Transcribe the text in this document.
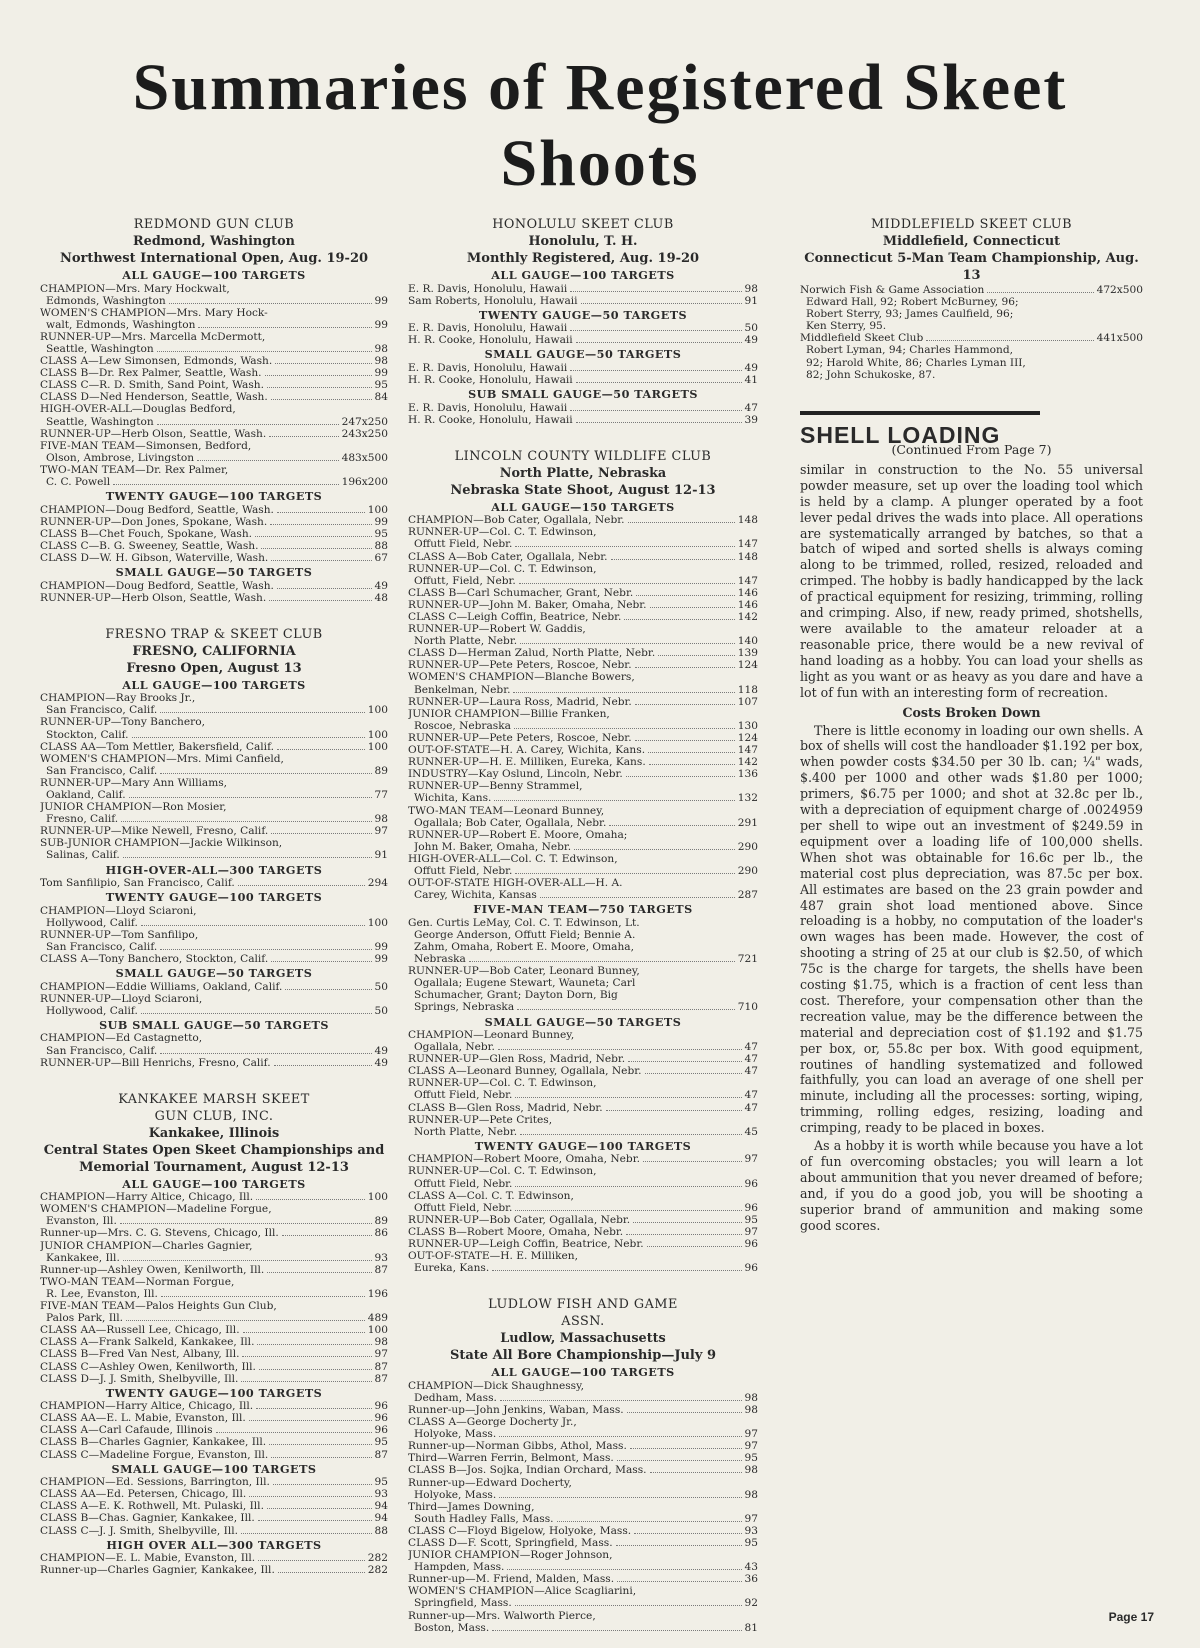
Summaries of Registered Skeet Shoots
REDMOND GUN CLUB
Redmond, Washington
Northwest International Open, Aug. 19-20
ALL GAUGE—100 TARGETS
CHAMPION—Mrs. Mary Hockwalt,
Edmonds, Washington	99
WOMEN'S CHAMPION—Mrs. Mary Hock-
walt, Edmonds, Washington	99
RUNNER-UP—Mrs. Marcella McDermott,
Seattle, Washington	98
CLASS A—Lew Simonsen, Edmonds, Wash.	98
CLASS B—Dr. Rex Palmer, Seattle, Wash.	99
CLASS C—R. D. Smith, Sand Point, Wash.	95
CLASS D—Ned Henderson, Seattle, Wash.	84
HIGH-OVER-ALL—Douglas Bedford,
Seattle, Washington	247x250
RUNNER-UP—Herb Olson, Seattle, Wash.	243x250
FIVE-MAN TEAM—Simonsen, Bedford,
Olson, Ambrose, Livingston	483x500
TWO-MAN TEAM—Dr. Rex Palmer,
C. C. Powell	196x200
TWENTY GAUGE—100 TARGETS
CHAMPION—Doug Bedford, Seattle, Wash.	100
RUNNER-UP—Don Jones, Spokane, Wash.	99
CLASS B—Chet Fouch, Spokane, Wash.	95
CLASS C—B. G. Sweeney, Seattle, Wash.	88
CLASS D—W. H. Gibson, Waterville, Wash.	67
SMALL GAUGE—50 TARGETS
CHAMPION—Doug Bedford, Seattle, Wash.	49
RUNNER-UP—Herb Olson, Seattle, Wash.	48
FRESNO TRAP & SKEET CLUB
FRESNO, CALIFORNIA
Fresno Open, August 13
ALL GAUGE—100 TARGETS
CHAMPION—Ray Brooks Jr.,
San Francisco, Calif.	100
RUNNER-UP—Tony Banchero,
Stockton, Calif.	100
CLASS AA—Tom Mettler, Bakersfield, Calif.	100
WOMEN'S CHAMPION—Mrs. Mimi Canfield,
San Francisco, Calif.	89
RUNNER-UP—Mary Ann Williams,
Oakland, Calif.	77
JUNIOR CHAMPION—Ron Mosier,
Fresno, Calif.	98
RUNNER-UP—Mike Newell, Fresno, Calif.	97
SUB-JUNIOR CHAMPION—Jackie Wilkinson,
Salinas, Calif.	91
HIGH-OVER-ALL—300 TARGETS
Tom Sanfilipio, San Francisco, Calif.	294
TWENTY GAUGE—100 TARGETS
CHAMPION—Lloyd Sciaroni,
Hollywood, Calif.	100
RUNNER-UP—Tom Sanfilipo,
San Francisco, Calif.	99
CLASS A—Tony Banchero, Stockton, Calif.	99
SMALL GAUGE—50 TARGETS
CHAMPION—Eddie Williams, Oakland, Calif.	50
RUNNER-UP—Lloyd Sciaroni,
Hollywood, Calif.	50
SUB SMALL GAUGE—50 TARGETS
CHAMPION—Ed Castagnetto,
San Francisco, Calif.	49
RUNNER-UP—Bill Henrichs, Fresno, Calif.	49
KANKAKEE MARSH SKEET
GUN CLUB, INC.
Kankakee, Illinois
Central States Open Skeet Championships and Memorial Tournament, August 12-13
ALL GAUGE—100 TARGETS
CHAMPION—Harry Altice, Chicago, Ill.	100
WOMEN'S CHAMPION—Madeline Forgue,
Evanston, Ill.	89
Runner-up—Mrs. C. G. Stevens, Chicago, Ill.	86
JUNIOR CHAMPION—Charles Gagnier,
Kankakee, Ill.	93
Runner-up—Ashley Owen, Kenilworth, Ill.	87
TWO-MAN TEAM—Norman Forgue,
R. Lee, Evanston, Ill.	196
FIVE-MAN TEAM—Palos Heights Gun Club,
Palos Park, Ill.	489
CLASS AA—Russell Lee, Chicago, Ill.	100
CLASS A—Frank Salkeld, Kankakee, Ill.	98
CLASS B—Fred Van Nest, Albany, Ill.	97
CLASS C—Ashley Owen, Kenilworth, Ill.	87
CLASS D—J. J. Smith, Shelbyville, Ill.	87
TWENTY GAUGE—100 TARGETS
CHAMPION—Harry Altice, Chicago, Ill.	96
CLASS AA—E. L. Mabie, Evanston, Ill.	96
CLASS A—Carl Cafaude, Illinois	96
CLASS B—Charles Gagnier, Kankakee, Ill.	95
CLASS C—Madeline Forgue, Evanston, Ill.	87
SMALL GAUGE—100 TARGETS
CHAMPION—Ed. Sessions, Barrington, Ill.	95
CLASS AA—Ed. Petersen, Chicago, Ill.	93
CLASS A—E. K. Rothwell, Mt. Pulaski, Ill.	94
CLASS B—Chas. Gagnier, Kankakee, Ill.	94
CLASS C—J. J. Smith, Shelbyville, Ill.	88
HIGH OVER ALL—300 TARGETS
CHAMPION—E. L. Mabie, Evanston, Ill.	282
Runner-up—Charles Gagnier, Kankakee, Ill.	282
HONOLULU SKEET CLUB
Honolulu, T. H.
Monthly Registered, Aug. 19-20
ALL GAUGE—100 TARGETS
E. R. Davis, Honolulu, Hawaii	98
Sam Roberts, Honolulu, Hawaii	91
TWENTY GAUGE—50 TARGETS
E. R. Davis, Honolulu, Hawaii	50
H. R. Cooke, Honolulu, Hawaii	49
SMALL GAUGE—50 TARGETS
E. R. Davis, Honolulu, Hawaii	49
H. R. Cooke, Honolulu, Hawaii	41
SUB SMALL GAUGE—50 TARGETS
E. R. Davis, Honolulu, Hawaii	47
H. R. Cooke, Honolulu, Hawaii	39
LINCOLN COUNTY WILDLIFE CLUB
North Platte, Nebraska
Nebraska State Shoot, August 12-13
ALL GAUGE—150 TARGETS
CHAMPION—Bob Cater, Ogallala, Nebr.	148
RUNNER-UP—Col. C. T. Edwinson,
Offutt Field, Nebr.	147
CLASS A—Bob Cater, Ogallala, Nebr.	148
RUNNER-UP—Col. C. T. Edwinson,
Offutt, Field, Nebr.	147
CLASS B—Carl Schumacher, Grant, Nebr.	146
RUNNER-UP—John M. Baker, Omaha, Nebr.	146
CLASS C—Leigh Coffin, Beatrice, Nebr.	142
RUNNER-UP—Robert W. Gaddis,
North Platte, Nebr.	140
CLASS D—Herman Zalud, North Platte, Nebr.	139
RUNNER-UP—Pete Peters, Roscoe, Nebr.	124
WOMEN'S CHAMPION—Blanche Bowers,
Benkelman, Nebr.	118
RUNNER-UP—Laura Ross, Madrid, Nebr.	107
JUNIOR CHAMPION—Billie Franken,
Roscoe, Nebraska	130
RUNNER-UP—Pete Peters, Roscoe, Nebr.	124
OUT-OF-STATE—H. A. Carey, Wichita, Kans.	147
RUNNER-UP—H. E. Milliken, Eureka, Kans.	142
INDUSTRY—Kay Oslund, Lincoln, Nebr.	136
RUNNER-UP—Benny Strammel,
Wichita, Kans.	132
TWO-MAN TEAM—Leonard Bunney,
Ogallala; Bob Cater, Ogallala, Nebr.	291
RUNNER-UP—Robert E. Moore, Omaha;
John M. Baker, Omaha, Nebr.	290
HIGH-OVER-ALL—Col. C. T. Edwinson,
Offutt Field, Nebr.	290
OUT-OF-STATE HIGH-OVER-ALL—H. A.
Carey, Wichita, Kansas	287
FIVE-MAN TEAM—750 TARGETS
Gen. Curtis LeMay, Col. C. T. Edwinson, Lt.
George Anderson, Offutt Field; Bennie A.
Zahm, Omaha, Robert E. Moore, Omaha,
Nebraska	721
RUNNER-UP—Bob Cater, Leonard Bunney,
Ogallala; Eugene Stewart, Wauneta; Carl
Schumacher, Grant; Dayton Dorn, Big
Springs, Nebraska	710
SMALL GAUGE—50 TARGETS
CHAMPION—Leonard Bunney,
Ogallala, Nebr.	47
RUNNER-UP—Glen Ross, Madrid, Nebr.	47
CLASS A—Leonard Bunney, Ogallala, Nebr.	47
RUNNER-UP—Col. C. T. Edwinson,
Offutt Field, Nebr.	47
CLASS B—Glen Ross, Madrid, Nebr.	47
RUNNER-UP—Pete Crites,
North Platte, Nebr.	45
TWENTY GAUGE—100 TARGETS
CHAMPION—Robert Moore, Omaha, Nebr.	97
RUNNER-UP—Col. C. T. Edwinson,
Offutt Field, Nebr.	96
CLASS A—Col. C. T. Edwinson,
Offutt Field, Nebr.	96
RUNNER-UP—Bob Cater, Ogallala, Nebr.	95
CLASS B—Robert Moore, Omaha, Nebr.	97
RUNNER-UP—Leigh Coffin, Beatrice, Nebr.	96
OUT-OF-STATE—H. E. Milliken,
Eureka, Kans.	96
LUDLOW FISH AND GAME
ASSN.
Ludlow, Massachusetts
State All Bore Championship—July 9
ALL GAUGE—100 TARGETS
CHAMPION—Dick Shaughnessy,
Dedham, Mass.	98
Runner-up—John Jenkins, Waban, Mass.	98
CLASS A—George Docherty Jr.,
Holyoke, Mass.	97
Runner-up—Norman Gibbs, Athol, Mass.	97
Third—Warren Ferrin, Belmont, Mass.	95
CLASS B—Jos. Sojka, Indian Orchard, Mass.	98
Runner-up—Edward Docherty,
Holyoke, Mass.	98
Third—James Downing,
South Hadley Falls, Mass.	97
CLASS C—Floyd Bigelow, Holyoke, Mass.	93
CLASS D—F. Scott, Springfield, Mass.	95
JUNIOR CHAMPION—Roger Johnson,
Hampden, Mass.	43
Runner-up—M. Friend, Malden, Mass.	36
WOMEN'S CHAMPION—Alice Scagliarini,
Springfield, Mass.	92
Runner-up—Mrs. Walworth Pierce,
Boston, Mass.	81
MIDDLEFIELD SKEET CLUB
Middlefield, Connecticut
Connecticut 5-Man Team Championship, Aug. 13
Norwich Fish & Game Association	472x500
Edward Hall, 92; Robert McBurney, 96;
Robert Sterry, 93; James Caulfield, 96;
Ken Sterry, 95.
Middlefield Skeet Club	441x500
Robert Lyman, 94; Charles Hammond,
92; Harold White, 86; Charles Lyman III,
82; John Schukoske, 87.
SHELL LOADING
(Continued From Page 7)

similar in construction to the No. 55 universal powder measure, set up over the loading tool which is held by a clamp. A plunger operated by a foot lever pedal drives the wads into place. All operations are systematically arranged by batches, so that a batch of wiped and sorted shells is always coming along to be trimmed, rolled, resized, reloaded and crimped. The hobby is badly handicapped by the lack of practical equipment for resizing, trimming, rolling and crimping. Also, if new, ready primed, shotshells, were available to the amateur reloader at a reasonable price, there would be a new revival of hand loading as a hobby. You can load your shells as light as you want or as heavy as you dare and have a lot of fun with an interesting form of recreation.

Costs Broken Down

There is little economy in loading our own shells. A box of shells will cost the handloader $1.192 per box, when powder costs $34.50 per 30 lb. can; ¼" wads, $.400 per 1000 and other wads $1.80 per 1000; primers, $6.75 per 1000; and shot at 32.8c per lb., with a depreciation of equipment charge of .0024959 per shell to wipe out an investment of $249.59 in equipment over a loading life of 100,000 shells. When shot was obtainable for 16.6c per lb., the material cost plus depreciation, was 87.5c per box. All estimates are based on the 23 grain powder and 487 grain shot load mentioned above. Since reloading is a hobby, no computation of the loader's own wages has been made. However, the cost of shooting a string of 25 at our club is $2.50, of which 75c is the charge for targets, the shells have been costing $1.75, which is a fraction of cent less than cost. Therefore, your compensation other than the recreation value, may be the difference between the material and depreciation cost of $1.192 and $1.75 per box, or, 55.8c per box. With good equipment, routines of handling systematized and followed faithfully, you can load an average of one shell per minute, including all the processes: sorting, wiping, trimming, rolling edges, resizing, loading and crimping, ready to be placed in boxes.

As a hobby it is worth while because you have a lot of fun overcoming obstacles; you will learn a lot about ammunition that you never dreamed of before; and, if you do a good job, you will be shooting a superior brand of ammunition and making some good scores.

Page 17
